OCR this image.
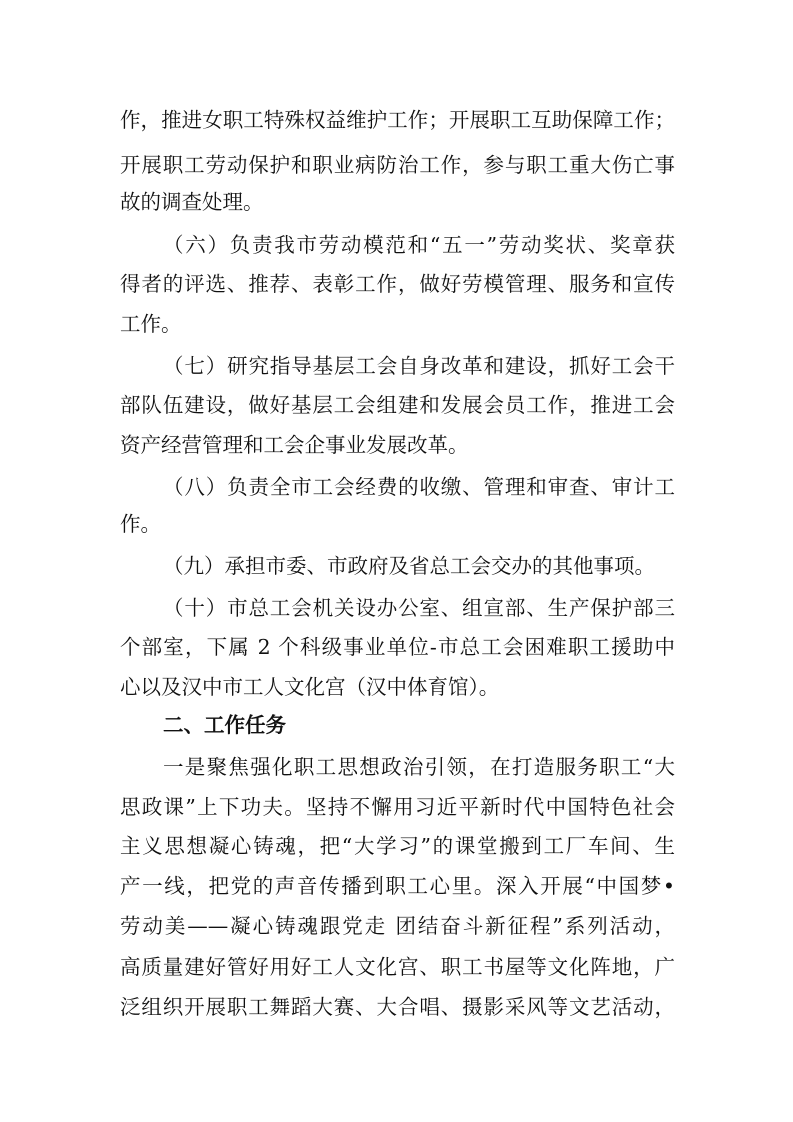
作，推进女职工特殊权益维护工作；开展职工互助保障工作；
开展职工劳动保护和职业病防治工作，参与职工重大伤亡事
故的调查处理。
（六）负责我市劳动模范和“五一”劳动奖状、奖章获
得者的评选、推荐、表彰工作，做好劳模管理、服务和宣传
工作。
（七）研究指导基层工会自身改革和建设，抓好工会干
部队伍建设，做好基层工会组建和发展会员工作，推进工会
资产经营管理和工会企事业发展改革。
（八）负责全市工会经费的收缴、管理和审查、审计工
作。
（九）承担市委、市政府及省总工会交办的其他事项。
（十）市总工会机关设办公室、组宣部、生产保护部三
个部室，下属 2 个科级事业单位-市总工会困难职工援助中
心以及汉中市工人文化宫（汉中体育馆）。
二、工作任务
一是聚焦强化职工思想政治引领，在打造服务职工“大
思政课”上下功夫。坚持不懈用习近平新时代中国特色社会
主义思想凝心铸魂，把“大学习”的课堂搬到工厂车间、生
产一线，把党的声音传播到职工心里。深入开展“中国梦•
劳动美——凝心铸魂跟党走 团结奋斗新征程”系列活动，
高质量建好管好用好工人文化宫、职工书屋等文化阵地，广
泛组织开展职工舞蹈大赛、大合唱、摄影采风等文艺活动，
